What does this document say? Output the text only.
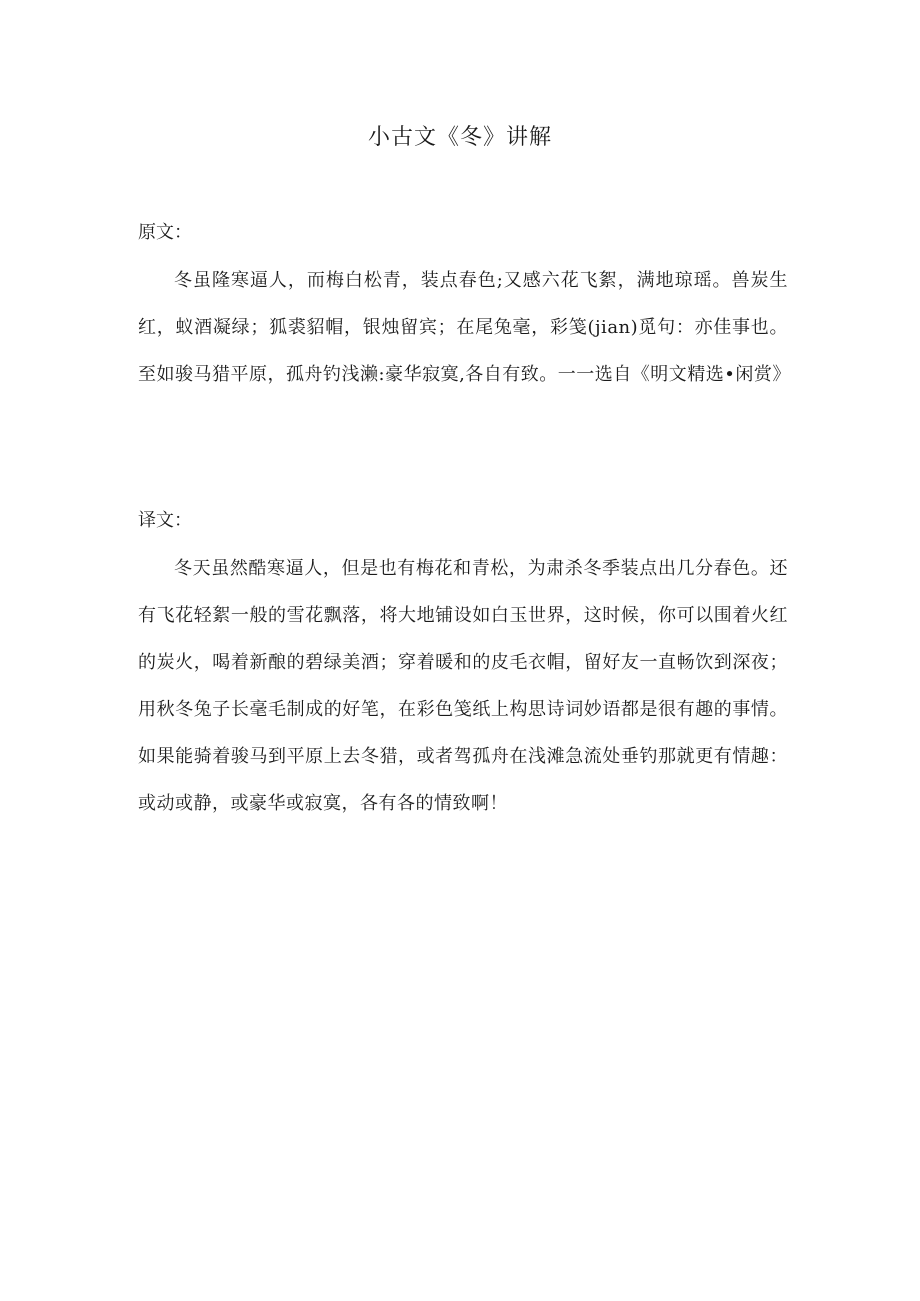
小古文《冬》讲解
原文：

冬虽隆寒逼人，而梅白松青，装点春色;又感六花飞絮，满地琼瑶。兽炭生红，蚁酒凝绿；狐裘貂帽，银烛留宾；在尾兔毫，彩笺(jian)觅句：亦佳事也。至如骏马猎平原，孤舟钓浅濑:豪华寂寞,各自有致。一一选自《明文精选•闲赏》

译文：

冬天虽然酷寒逼人，但是也有梅花和青松，为肃杀冬季装点出几分春色。还有飞花轻絮一般的雪花飘落，将大地铺设如白玉世界，这时候，你可以围着火红的炭火，喝着新酿的碧绿美酒；穿着暖和的皮毛衣帽，留好友一直畅饮到深夜；用秋冬兔子长毫毛制成的好笔，在彩色笺纸上构思诗词妙语都是很有趣的事情。如果能骑着骏马到平原上去冬猎，或者驾孤舟在浅滩急流处垂钓那就更有情趣：或动或静，或豪华或寂寞，各有各的情致啊！
